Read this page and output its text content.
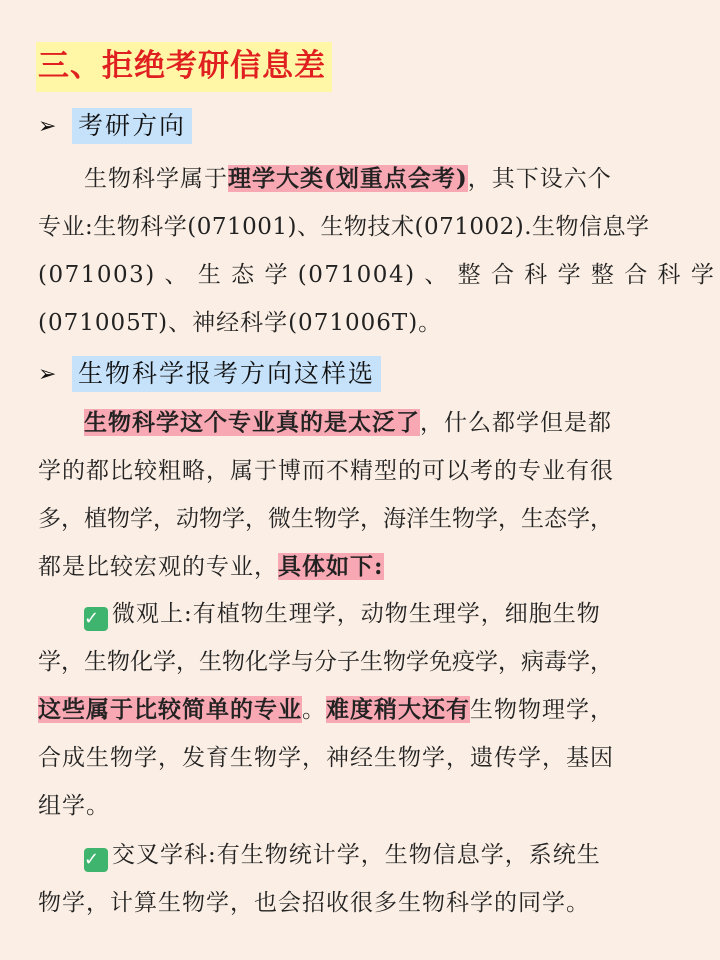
三、拒绝考研信息差
➢ 考研方向
生物科学属于理学大类(划重点会考)，其下设六个
专业:生物科学(071001)、生物技术(071002).生物信息学
(071003) 、 生 态 学 (071004) 、 整 合 科 学 整 合 科 学
(071005T)、神经科学(071006T)。
➢ 生物科学报考方向这样选
生物科学这个专业真的是太泛了，什么都学但是都
学的都比较粗略，属于博而不精型的可以考的专业有很
多，植物学，动物学，微生物学，海洋生物学，生态学，
都是比较宏观的专业，具体如下:
✓ 微观上:有植物生理学，动物生理学，细胞生物
学，生物化学，生物化学与分子生物学免疫学，病毒学，
这些属于比较简单的专业。难度稍大还有生物物理学，
合成生物学，发育生物学，神经生物学，遗传学，基因
组学。
✓ 交叉学科:有生物统计学，生物信息学，系统生
物学，计算生物学，也会招收很多生物科学的同学。
